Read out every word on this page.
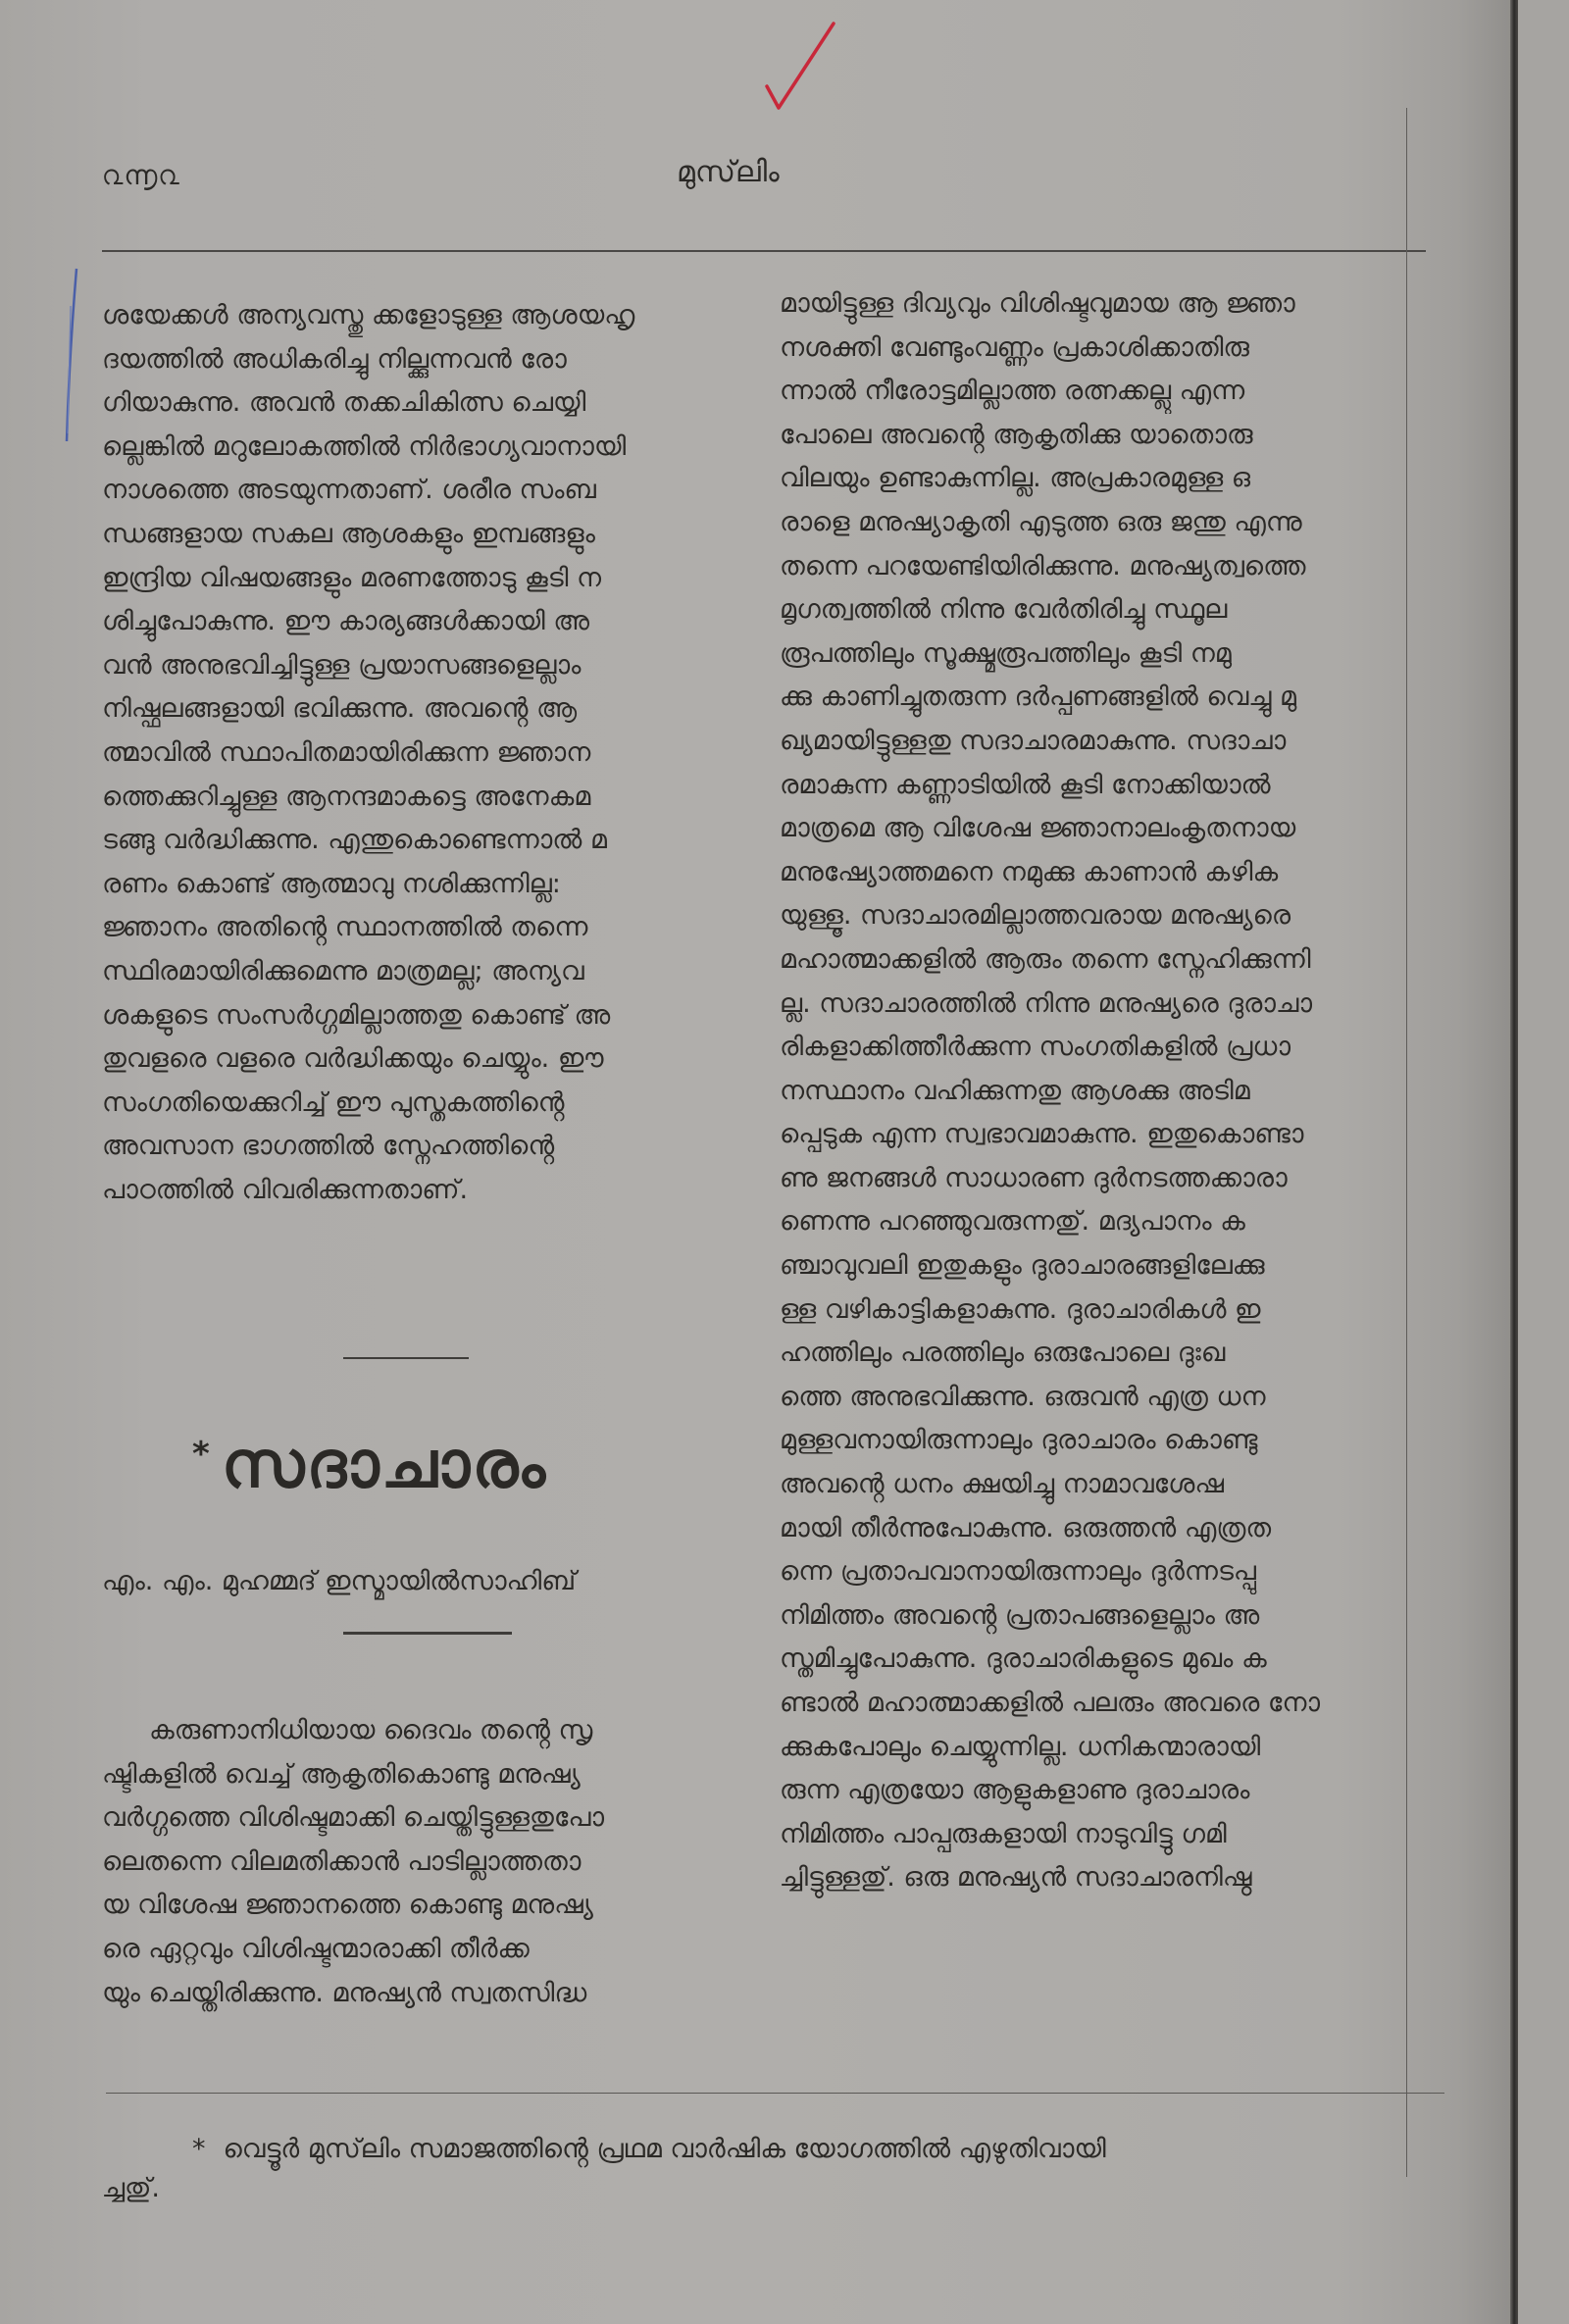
൨൬൨	മുസ്‌ലിം
ശയേക്കൾ അന്യവസ്തു ക്കളോടുള്ള ആശയഹൃ
ദയത്തിൽ അധികരിച്ചു നില്ക്കുന്നവൻ രോ
ഗിയാകുന്നു. അവൻ തക്കചികിത്സ ചെയ്യി
ല്ലെങ്കിൽ മറുലോകത്തിൽ നിർഭാഗ്യവാനായി
നാശത്തെ അടയുന്നതാണ്. ശരീര സംബ
ന്ധങ്ങളായ സകല ആശകളും ഇമ്പങ്ങളും
ഇന്ദ്രിയ വിഷയങ്ങളും മരണത്തോടു കൂടി ന
ശിച്ചുപോകുന്നു. ഈ കാര്യങ്ങൾക്കായി അ
വൻ അനുഭവിച്ചിട്ടുള്ള പ്രയാസങ്ങളെല്ലാം
നിഷ്ഫലങ്ങളായി ഭവിക്കുന്നു. അവൻ്റെ ആ
ത്മാവിൽ സ്ഥാപിതമായിരിക്കുന്ന ജ്ഞാന
ത്തെക്കുറിച്ചുള്ള ആനന്ദമാകട്ടെ അനേകമ
ടങ്ങു വർദ്ധിക്കുന്നു. എന്തുകൊണ്ടെന്നാൽ മ
രണം കൊണ്ട് ആത്മാവു നശിക്കുന്നില്ല:
ജ്ഞാനം അതിൻ്റെ സ്ഥാനത്തിൽ തന്നെ
സ്ഥിരമായിരിക്കുമെന്നു മാത്രമല്ല; അന്യവ
ശകളുടെ സംസർഗ്ഗമില്ലാത്തതു കൊണ്ട് അ
തുവളരെ വളരെ വർദ്ധിക്കയും ചെയ്യും. ഈ
സംഗതിയെക്കുറിച്ച് ഈ പുസ്തകത്തിൻ്റെ
അവസാന ഭാഗത്തിൽ സ്നേഹത്തിൻ്റെ
പാഠത്തിൽ വിവരിക്കുന്നതാണ്.
* സദാചാരം
എം. എം. മുഹമ്മദ് ഇസ്മായിൽസാഹിബ്
കരുണാനിധിയായ ദൈവം തൻ്റെ സൃ
ഷ്ടികളിൽ വെച്ച് ആകൃതികൊണ്ടു മനുഷ്യ
വർഗ്ഗത്തെ വിശിഷ്ടമാക്കി ചെയ്തിട്ടുള്ളതുപോ
ലെതന്നെ വിലമതിക്കാൻ പാടില്ലാത്തതാ
യ വിശേഷ ജ്ഞാനത്തെ കൊണ്ടു മനുഷ്യ
രെ ഏറ്റവും വിശിഷ്ടന്മാരാക്കി തീർക്ക
യും ചെയ്തിരിക്കുന്നു. മനുഷ്യൻ സ്വതസിദ്ധ
മായിട്ടുള്ള ദിവ്യവും വിശിഷ്ടവുമായ ആ ജ്ഞാ
നശക്തി വേണ്ടുംവണ്ണം പ്രകാശിക്കാതിരു
ന്നാൽ നീരോട്ടമില്ലാത്ത രത്നക്കല്ലു എന്ന
പോലെ അവൻ്റെ ആകൃതിക്കു യാതൊരു
വിലയും ഉണ്ടാകുന്നില്ല. അപ്രകാരമുള്ള ഒ
രാളെ മനുഷ്യാകൃതി എടുത്ത ഒരു ജന്തു എന്നു
തന്നെ പറയേണ്ടിയിരിക്കുന്നു. മനുഷ്യത്വത്തെ
മൃഗത്വത്തിൽ നിന്നു വേർതിരിച്ചു സ്ഥൂല
രൂപത്തിലും സൂക്ഷ്മരൂപത്തിലും കൂടി നമു
ക്കു കാണിച്ചുതരുന്ന ദർപ്പണങ്ങളിൽ വെച്ചു മു
ഖ്യമായിട്ടുള്ളതു സദാചാരമാകുന്നു. സദാചാ
രമാകുന്ന കണ്ണാടിയിൽ കൂടി നോക്കിയാൽ
മാത്രമെ ആ വിശേഷ ജ്ഞാനാലംകൃതനായ
മനുഷ്യോത്തമനെ നമുക്കു കാണാൻ കഴിക
യുള്ളൂ. സദാചാരമില്ലാത്തവരായ മനുഷ്യരെ
മഹാത്മാക്കളിൽ ആരും തന്നെ സ്നേഹിക്കുന്നി
ല്ല. സദാചാരത്തിൽ നിന്നു മനുഷ്യരെ ദുരാചാ
രികളാക്കിത്തീർക്കുന്ന സംഗതികളിൽ പ്രധാ
നസ്ഥാനം വഹിക്കുന്നതു ആശക്കു അടിമ
പ്പെടുക എന്ന സ്വഭാവമാകുന്നു. ഇതുകൊണ്ടാ
ണു ജനങ്ങൾ സാധാരണ ദുർനടത്തക്കാരാ
ണെന്നു പറഞ്ഞുവരുന്നതു്. മദ്യപാനം ക
ഞ്ചാവുവലി ഇതുകളും ദുരാചാരങ്ങളിലേക്കു
ള്ള വഴികാട്ടികളാകുന്നു. ദുരാചാരികൾ ഇ
ഹത്തിലും പരത്തിലും ഒരുപോലെ ദുഃഖ
ത്തെ അനുഭവിക്കുന്നു. ഒരുവൻ എത്ര ധന
മുള്ളവനായിരുന്നാലും ദുരാചാരം കൊണ്ടു
അവൻ്റെ ധനം ക്ഷയിച്ചു നാമാവശേഷ
മായി തീർന്നുപോകുന്നു. ഒരുത്തൻ എത്രത
ന്നെ പ്രതാപവാനായിരുന്നാലും ദുർന്നടപ്പു
നിമിത്തം അവൻ്റെ പ്രതാപങ്ങളെല്ലാം അ
സ്തമിച്ചുപോകുന്നു. ദുരാചാരികളുടെ മുഖം ക
ണ്ടാൽ മഹാത്മാക്കളിൽ പലരും അവരെ നോ
ക്കുകപോലും ചെയ്യുന്നില്ല. ധനികന്മാരായി
രുന്ന എത്രയോ ആളുകളാണു ദുരാചാരം
നിമിത്തം പാപ്പരുകളായി നാടുവിട്ടു ഗമി
ച്ചിട്ടുള്ളതു്. ഒരു മനുഷ്യൻ സദാചാരനിഷ്ഠ
* വെട്ടൂർ മുസ്‌ലിം സമാജത്തിൻ്റെ പ്രഥമ വാർഷിക യോഗത്തിൽ എഴുതിവായി
ച്ചതു്.
